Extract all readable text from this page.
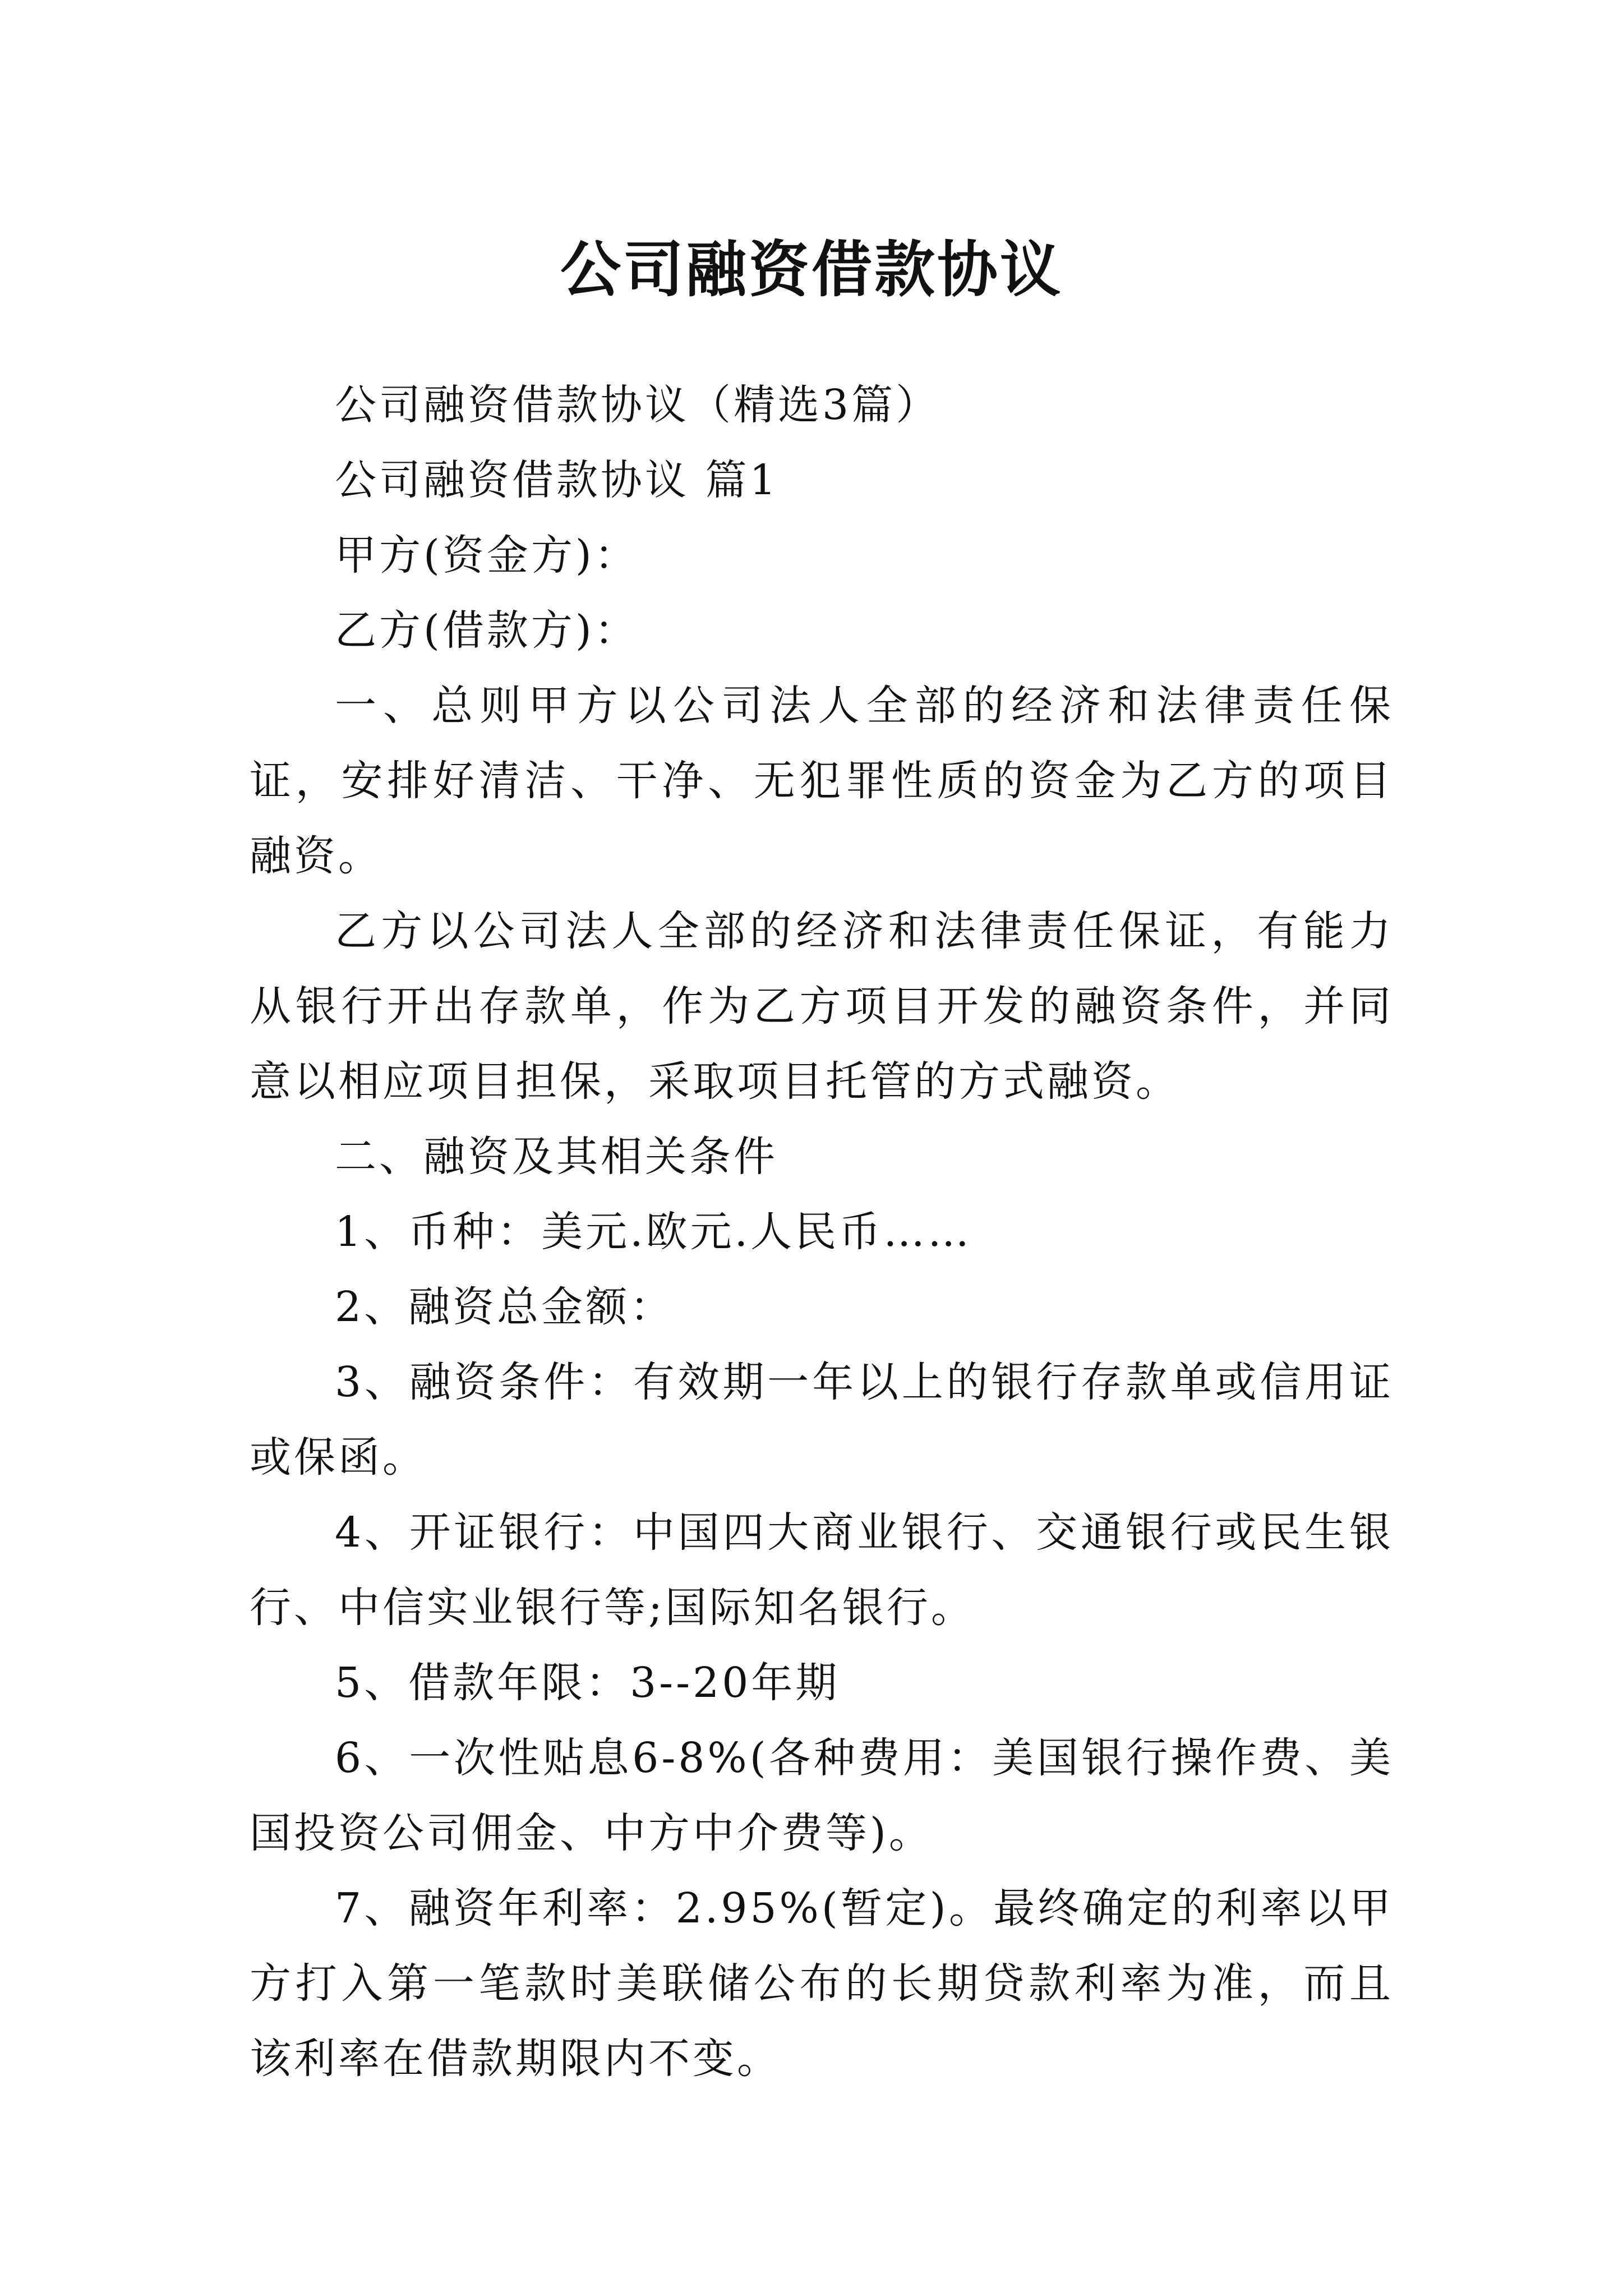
公司融资借款协议

公司融资借款协议（精选3篇）

公司融资借款协议 篇1

甲方(资金方)：

乙方(借款方)：

一、总则甲方以公司法人全部的经济和法律责任保证，安排好清洁、干净、无犯罪性质的资金为乙方的项目融资。

乙方以公司法人全部的经济和法律责任保证，有能力从银行开出存款单，作为乙方项目开发的融资条件，并同意以相应项目担保，采取项目托管的方式融资。

二、融资及其相关条件

1、币种：美元.欧元.人民币……

2、融资总金额：

3、融资条件：有效期一年以上的银行存款单或信用证或保函。

4、开证银行：中国四大商业银行、交通银行或民生银行、中信实业银行等;国际知名银行。

5、借款年限：3--20年期

6、一次性贴息6-8%(各种费用：美国银行操作费、美国投资公司佣金、中方中介费等)。

7、融资年利率：2.95%(暂定)。最终确定的利率以甲方打入第一笔款时美联储公布的长期贷款利率为准，而且该利率在借款期限内不变。
